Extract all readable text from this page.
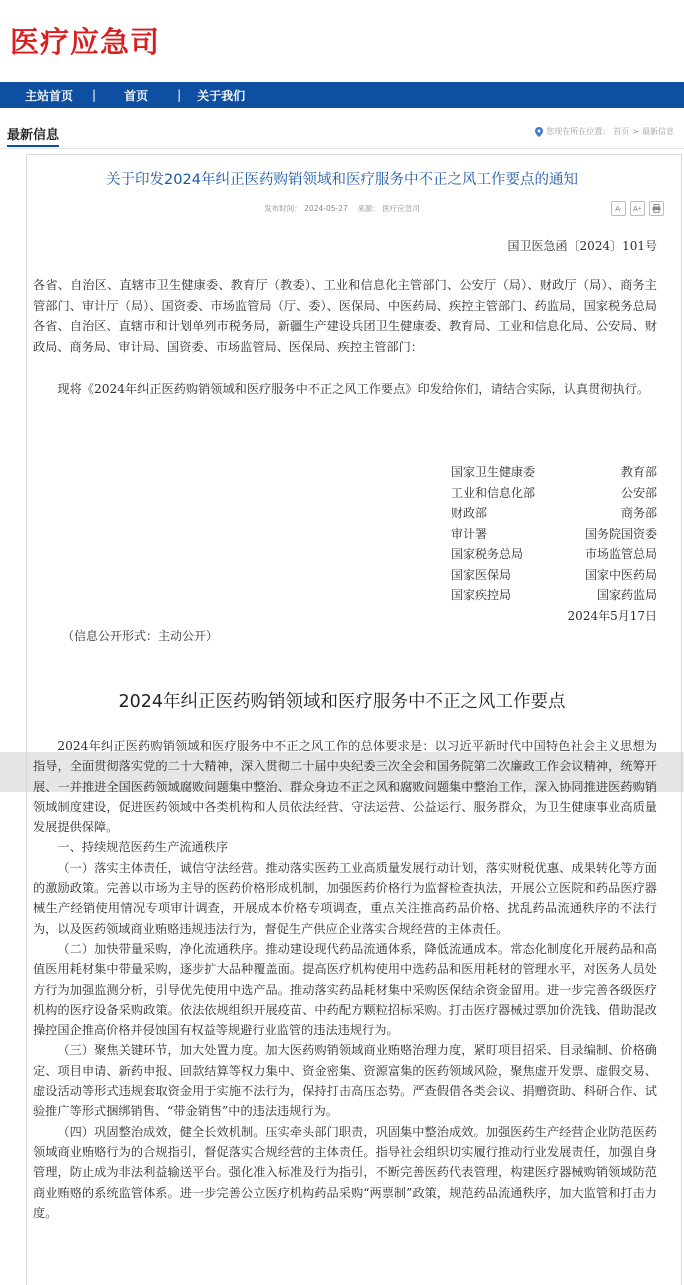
医疗应急司
主站首页 | 首页 | 关于我们
最新信息	您现在所在位置： 首页 > 最新信息
关于印发2024年纠正医药购销领域和医疗服务中不正之风工作要点的通知
发布时间： 2024-05-27 来源： 医疗应急司	A -	A +
国卫医急函〔2024〕101号

各省、自治区、直辖市卫生健康委、教育厅（教委）、工业和信息化主管部门、公安厅（局）、财政厅（局）、商务主管部门、审计厅（局）、国资委、市场监管局（厅、委）、医保局、中医药局、疾控主管部门、药监局，国家税务总局各省、自治区、直辖市和计划单列市税务局，新疆生产建设兵团卫生健康委、教育局、工业和信息化局、公安局、财政局、商务局、审计局、国资委、市场监管局、医保局、疾控主管部门：

现将《2024年纠正医药购销领域和医疗服务中不正之风工作要点》印发给你们，请结合实际，认真贯彻执行。

国家卫生健康委	教育部
工业和信息化部	公安部
财政部	商务部
审计署	国务院国资委
国家税务总局	市场监管总局
国家医保局	国家中医药局
国家疾控局	国家药监局
2024年5月17日
（信息公开形式：主动公开）
2024年纠正医药购销领域和医疗服务中不正之风工作要点

2024年纠正医药购销领域和医疗服务中不正之风工作的总体要求是：以习近平新时代中国特色社会主义思想为指导，全面贯彻落实党的二十大精神，深入贯彻二十届中央纪委三次全会和国务院第二次廉政工作会议精神，统筹开展、一并推进全国医药领域腐败问题集中整治、群众身边不正之风和腐败问题集中整治工作，深入协同推进医药购销领域制度建设，促进医药领域中各类机构和人员依法经营、守法运营、公益运行、服务群众，为卫生健康事业高质量发展提供保障。

一、持续规范医药生产流通秩序

（一）落实主体责任，诚信守法经营。推动落实医药工业高质量发展行动计划，落实财税优惠、成果转化等方面的激励政策。完善以市场为主导的医药价格形成机制，加强医药价格行为监督检查执法，开展公立医院和药品医疗器械生产经销使用情况专项审计调查，开展成本价格专项调查，重点关注推高药品价格、扰乱药品流通秩序的不法行为，以及医药领域商业贿赂违规违法行为，督促生产供应企业落实合规经营的主体责任。

（二）加快带量采购，净化流通秩序。推动建设现代药品流通体系，降低流通成本。常态化制度化开展药品和高值医用耗材集中带量采购，逐步扩大品种覆盖面。提高医疗机构使用中选药品和医用耗材的管理水平，对医务人员处方行为加强监测分析，引导优先使用中选产品。推动落实药品耗材集中采购医保结余资金留用。进一步完善各级医疗机构的医疗设备采购政策。依法依规组织开展疫苗、中药配方颗粒招标采购。打击医疗器械过票加价洗钱、借助混改操控国企推高价格并侵蚀国有权益等规避行业监管的违法违规行为。

（三）聚焦关键环节，加大处置力度。加大医药购销领域商业贿赂治理力度，紧盯项目招采、目录编制、价格确定、项目申请、新药申报、回款结算等权力集中、资金密集、资源富集的医药领域风险，聚焦虚开发票、虚假交易、虚设活动等形式违规套取资金用于实施不法行为，保持打击高压态势。严查假借各类会议、捐赠资助、科研合作、试验推广等形式捆绑销售、“带金销售”中的违法违规行为。

（四）巩固整治成效，健全长效机制。压实牵头部门职责，巩固集中整治成效。加强医药生产经营企业防范医药领域商业贿赂行为的合规指引，督促落实合规经营的主体责任。指导社会组织切实履行推动行业发展责任，加强自身管理，防止成为非法利益输送平台。强化准入标准及行为指引，不断完善医药代表管理，构建医疗器械购销领域防范商业贿赂的系统监管体系。进一步完善公立医疗机构药品采购“两票制”政策，规范药品流通秩序，加大监管和打击力度。
